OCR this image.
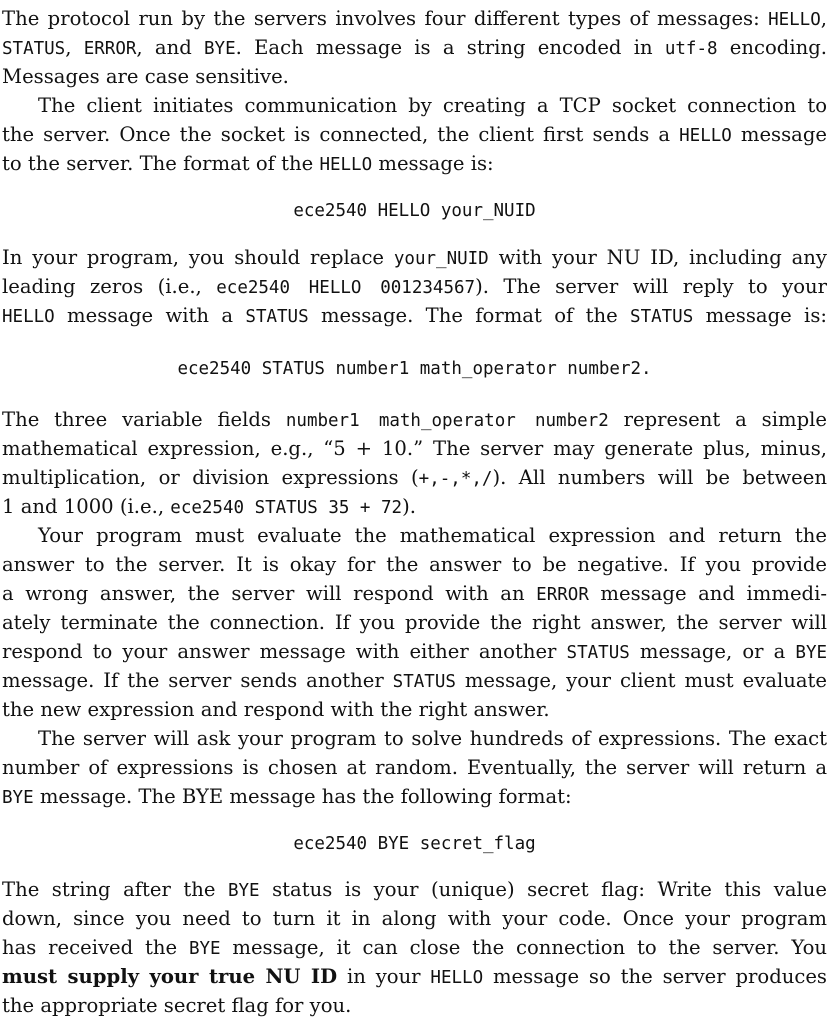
The protocol run by the servers involves four different types of messages: HELLO,
STATUS, ERROR, and BYE. Each message is a string encoded in utf-8 encoding.
Messages are case sensitive.
The client initiates communication by creating a TCP socket connection to
the server. Once the socket is connected, the client first sends a HELLO message
to the server. The format of the HELLO message is:
ece2540 HELLO your_NUID
In your program, you should replace your_NUID with your NU ID, including any
leading zeros (i.e., ece2540 HELLO 001234567). The server will reply to your
HELLO message with a STATUS message. The format of the STATUS message is:
ece2540 STATUS number1 math_operator number2.
The three variable fields number1 math_operator number2 represent a simple
mathematical expression, e.g., “5 + 10.” The server may generate plus, minus,
multiplication, or division expressions (+,-,*,/). All numbers will be between
1 and 1000 (i.e., ece2540 STATUS 35 + 72).
Your program must evaluate the mathematical expression and return the
answer to the server. It is okay for the answer to be negative. If you provide
a wrong answer, the server will respond with an ERROR message and immedi-
ately terminate the connection. If you provide the right answer, the server will
respond to your answer message with either another STATUS message, or a BYE
message. If the server sends another STATUS message, your client must evaluate
the new expression and respond with the right answer.
The server will ask your program to solve hundreds of expressions. The exact
number of expressions is chosen at random. Eventually, the server will return a
BYE message. The BYE message has the following format:
ece2540 BYE secret_flag
The string after the BYE status is your (unique) secret flag: Write this value
down, since you need to turn it in along with your code. Once your program
has received the BYE message, it can close the connection to the server. You
must supply your true NU ID in your HELLO message so the server produces
the appropriate secret flag for you.
